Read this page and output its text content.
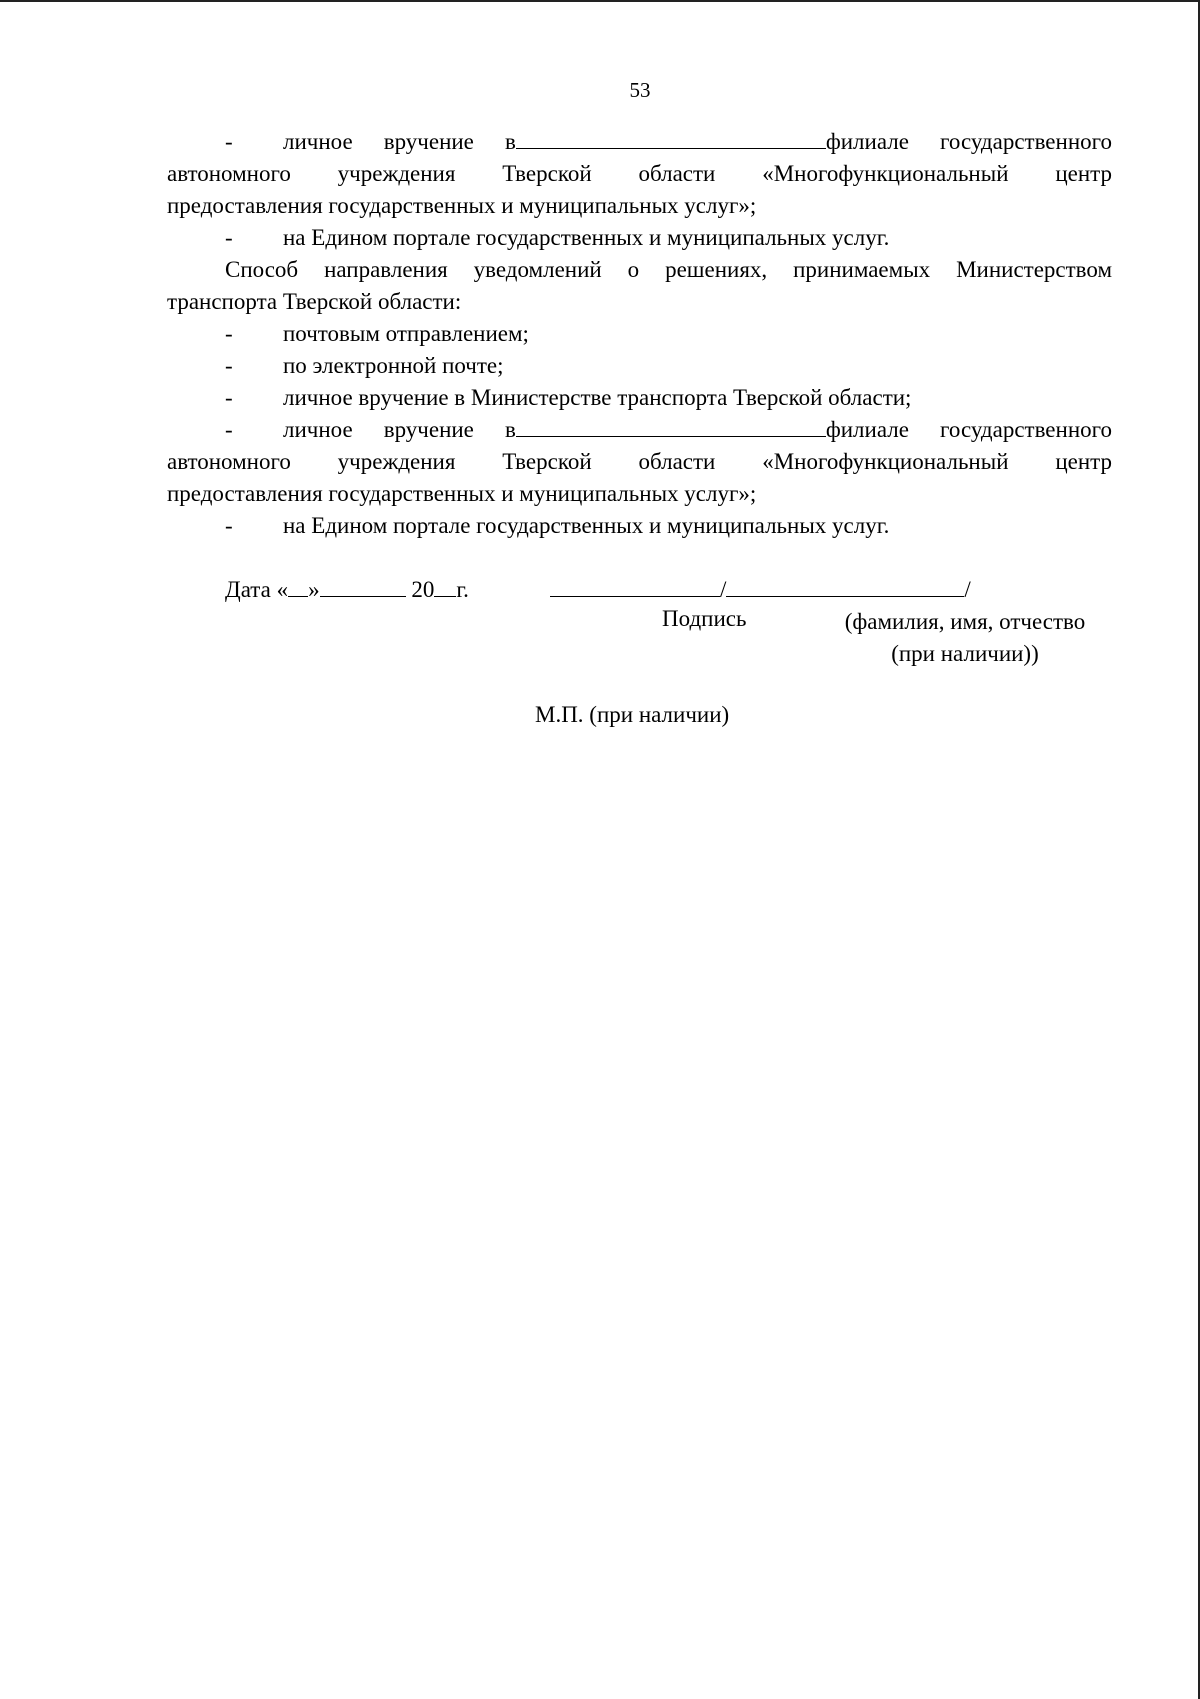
53
- личное вручение в	филиале государственного
автономного учреждения Тверской области «Многофункциональный центр
предоставления государственных и муниципальных услуг»;
- на Едином портале государственных и муниципальных услуг.
Способ направления уведомлений о решениях, принимаемых Министерством
транспорта Тверской области:
- почтовым отправлением;
- по электронной почте;
- личное вручение в Министерстве транспорта Тверской области;
- личное вручение в	филиале государственного
автономного учреждения Тверской области «Многофункциональный центр
предоставления государственных и муниципальных услуг»;
- на Едином портале государственных и муниципальных услуг.
Дата « »	20 г.	/	/
Подпись	(фамилия, имя, отчество
(при наличии))
М.П. (при наличии)
